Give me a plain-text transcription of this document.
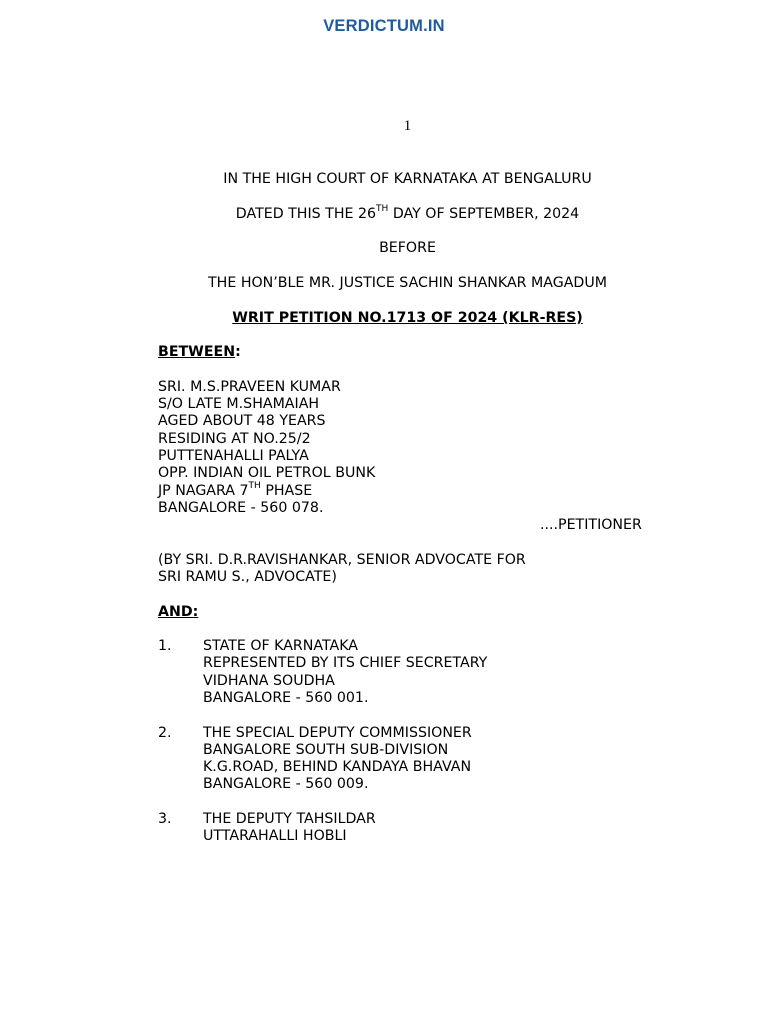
VERDICTUM.IN
1
IN THE HIGH COURT OF KARNATAKA AT BENGALURU
DATED THIS THE 26TH DAY OF SEPTEMBER, 2024
BEFORE
THE HON’BLE MR. JUSTICE SACHIN SHANKAR MAGADUM
WRIT PETITION NO.1713 OF 2024 (KLR-RES)
BETWEEN:
SRI. M.S.PRAVEEN KUMAR
S/O LATE M.SHAMAIAH
AGED ABOUT 48 YEARS
RESIDING AT NO.25/2
PUTTENAHALLI PALYA
OPP. INDIAN OIL PETROL BUNK
JP NAGARA 7TH PHASE
BANGALORE - 560 078.
....PETITIONER
(BY SRI. D.R.RAVISHANKAR, SENIOR ADVOCATE FOR
SRI RAMU S., ADVOCATE)
AND:
1. STATE OF KARNATAKA
REPRESENTED BY ITS CHIEF SECRETARY
VIDHANA SOUDHA
BANGALORE - 560 001.
2. THE SPECIAL DEPUTY COMMISSIONER
BANGALORE SOUTH SUB-DIVISION
K.G.ROAD, BEHIND KANDAYA BHAVAN
BANGALORE - 560 009.
3. THE DEPUTY TAHSILDAR
UTTARAHALLI HOBLI
